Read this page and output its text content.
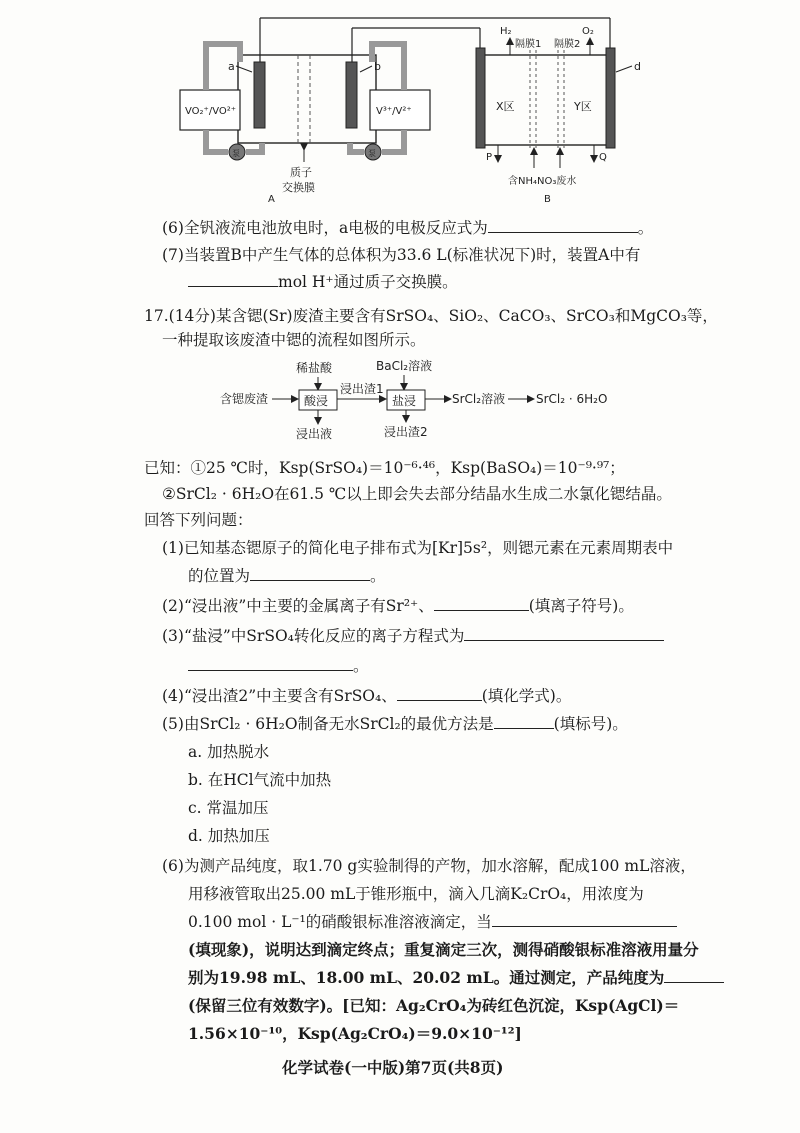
a	b
VO₂⁺/VO²⁺	V³⁺/V²⁺
泵	泵
质子
交换膜
A
H₂
隔膜1 隔膜2
O₂
d
X区	Y区
P	Q
含NH₄NO₃废水
B
稀盐酸	BaCl₂溶液
含锶废渣	酸浸
浸出渣1
盐浸	SrCl₂溶液	SrCl₂ · 6H₂O
浸出液	浸出渣2
(6)全钒液流电池放电时，a电极的电极反应式为	。
(7)当装置B中产生气体的总体积为33.6 L(标准状况下)时，装置A中有
mol H⁺通过质子交换膜。
17.(14分)某含锶(Sr)废渣主要含有SrSO₄、SiO₂、CaCO₃、SrCO₃和MgCO₃等，
一种提取该废渣中锶的流程如图所示。
已知：①25 ℃时，Ksp(SrSO₄)＝10⁻⁶·⁴⁶，Ksp(BaSO₄)＝10⁻⁹·⁹⁷；
②SrCl₂ · 6H₂O在61.5 ℃以上即会失去部分结晶水生成二水氯化锶结晶。
回答下列问题：
(1)已知基态锶原子的简化电子排布式为[Kr]5s²，则锶元素在元素周期表中
的位置为	。
(2)“浸出液”中主要的金属离子有Sr²⁺、	(填离子符号)。
(3)“盐浸”中SrSO₄转化反应的离子方程式为
。
(4)“浸出渣2”中主要含有SrSO₄、	(填化学式)。
(5)由SrCl₂ · 6H₂O制备无水SrCl₂的最优方法是	(填标号)。
a. 加热脱水
b. 在HCl气流中加热
c. 常温加压
d. 加热加压
(6)为测产品纯度，取1.70 g实验制得的产物，加水溶解，配成100 mL溶液，
用移液管取出25.00 mL于锥形瓶中，滴入几滴K₂CrO₄，用浓度为
0.100 mol · L⁻¹的硝酸银标准溶液滴定，当
(填现象)，说明达到滴定终点；重复滴定三次，测得硝酸银标准溶液用量分
别为19.98 mL、18.00 mL、20.02 mL。通过测定，产品纯度为
(保留三位有效数字)。[已知：Ag₂CrO₄为砖红色沉淀，Ksp(AgCl)＝
1.56×10⁻¹⁰，Ksp(Ag₂CrO₄)＝9.0×10⁻¹²]
化学试卷(一中版)第7页(共8页)
